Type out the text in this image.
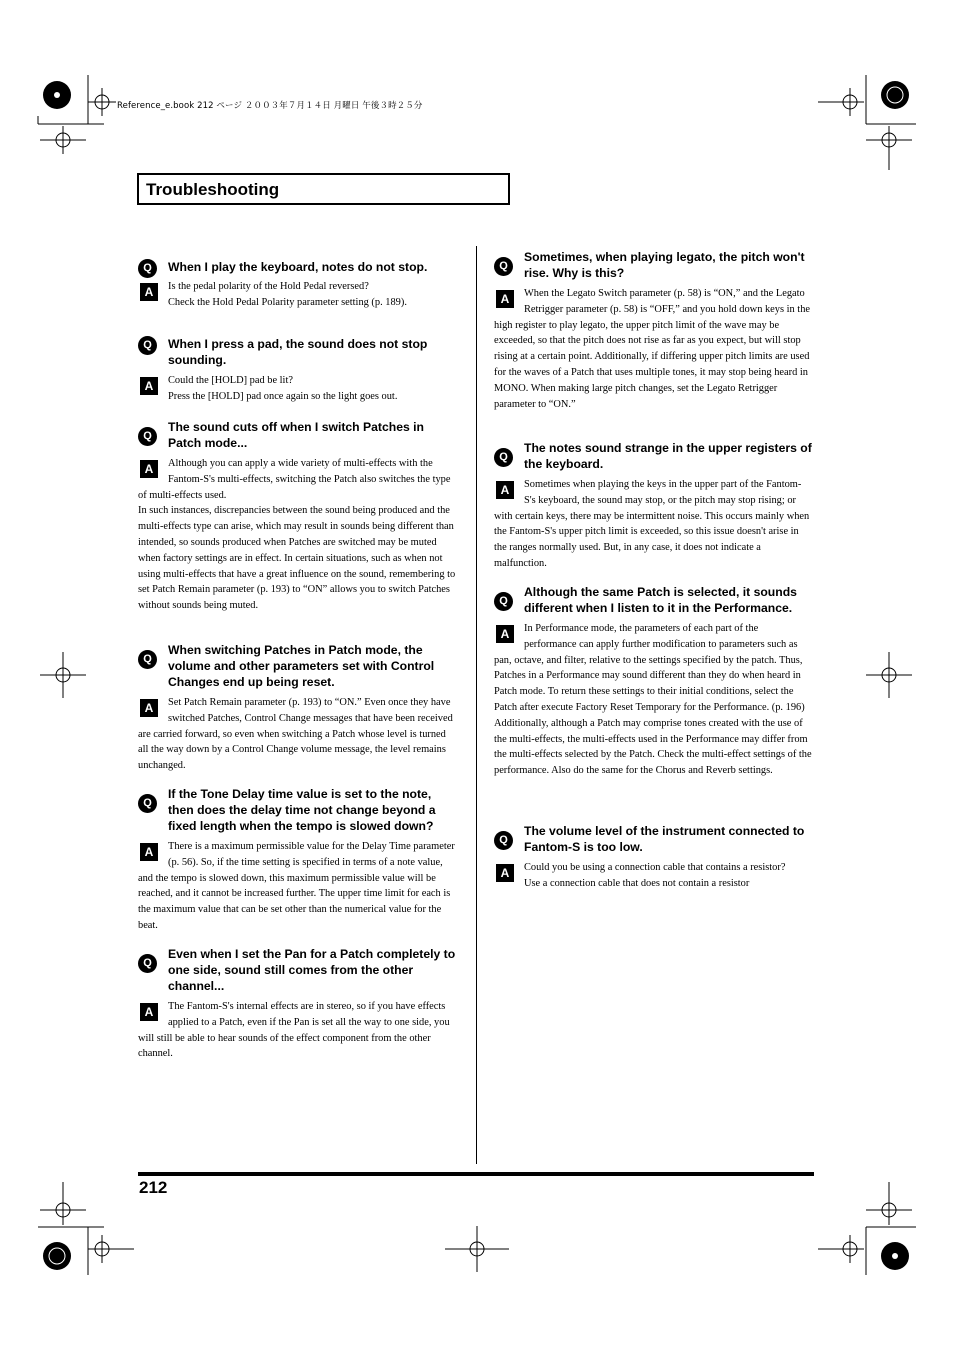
Reference_e.book 212 ページ ２００３年７月１４日 月曜日 午後３時２５分
Troubleshooting
Q	When I play the keyboard, notes do not stop.
A	Is the pedal polarity of the Hold Pedal reversed?

Check the Hold Pedal Polarity parameter setting (p. 189).

Q	When I press a pad, the sound does not stop sounding.
A	Could the [HOLD] pad be lit?

Press the [HOLD] pad once again so the light goes out.

Q
The sound cuts off when I switch Patches in Patch mode...
A	Although you can apply a wide variety of multi-effects with the Fantom-S's multi-effects, switching the Patch also switches the type of multi-effects used.

In such instances, discrepancies between the sound being produced and the multi-effects type can arise, which may result in sounds being different than intended, so sounds produced when Patches are switched may be muted when factory settings are in effect. In certain situations, such as when not using multi-effects that have a great influence on the sound, remembering to set Patch Remain parameter (p. 193) to “ON” allows you to switch Patches without sounds being muted.

Q
When switching Patches in Patch mode, the volume and other parameters set with Control Changes end up being reset.
A	Set Patch Remain parameter (p. 193) to “ON.” Even once they have switched Patches, Control Change messages that have been received are carried forward, so even when switching a Patch whose level is turned all the way down by a Control Change volume message, the level remains unchanged.

Q
If the Tone Delay time value is set to the note, then does the delay time not change beyond a fixed length when the tempo is slowed down?
A	There is a maximum permissible value for the Delay Time parameter (p. 56). So, if the time setting is specified in terms of a note value, and the tempo is slowed down, this maximum permissible value will be reached, and it cannot be increased further. The upper time limit for each is the maximum value that can be set other than the numerical value for the beat.

Q
Even when I set the Pan for a Patch completely to one side, sound still comes from the other channel...
A	The Fantom-S's internal effects are in stereo, so if you have effects applied to a Patch, even if the Pan is set all the way to one side, you will still be able to hear sounds of the effect component from the other channel.

Q
Sometimes, when playing legato, the pitch won't rise. Why is this?
A	When the Legato Switch parameter (p. 58) is “ON,” and the Legato Retrigger parameter (p. 58) is “OFF,” and you hold down keys in the high register to play legato, the upper pitch limit of the wave may be exceeded, so that the pitch does not rise as far as you expect, but will stop rising at a certain point. Additionally, if differing upper pitch limits are used for the waves of a Patch that uses multiple tones, it may stop being heard in MONO. When making large pitch changes, set the Legato Retrigger parameter to “ON.”

Q
The notes sound strange in the upper registers of the keyboard.
A	Sometimes when playing the keys in the upper part of the Fantom-S's keyboard, the sound may stop, or the pitch may stop rising; or with certain keys, there may be intermittent noise. This occurs mainly when the Fantom-S's upper pitch limit is exceeded, so this issue doesn't arise in the ranges normally used. But, in any case, it does not indicate a malfunction.

Q
Although the same Patch is selected, it sounds different when I listen to it in the Performance.
A	In Performance mode, the parameters of each part of the performance can apply further modification to parameters such as pan, octave, and filter, relative to the settings specified by the patch. Thus, Patches in a Performance may sound different than they do when heard in Patch mode. To return these settings to their initial conditions, select the Patch after execute Factory Reset Temporary for the Performance. (p. 196)

Additionally, although a Patch may comprise tones created with the use of the multi-effects, the multi-effects used in the Performance may differ from the multi-effects selected by the Patch. Check the multi-effect settings of the performance. Also do the same for the Chorus and Reverb settings.

Q
The volume level of the instrument connected to Fantom-S is too low.
A	Could you be using a connection cable that contains a resistor?

Use a connection cable that does not contain a resistor

212
